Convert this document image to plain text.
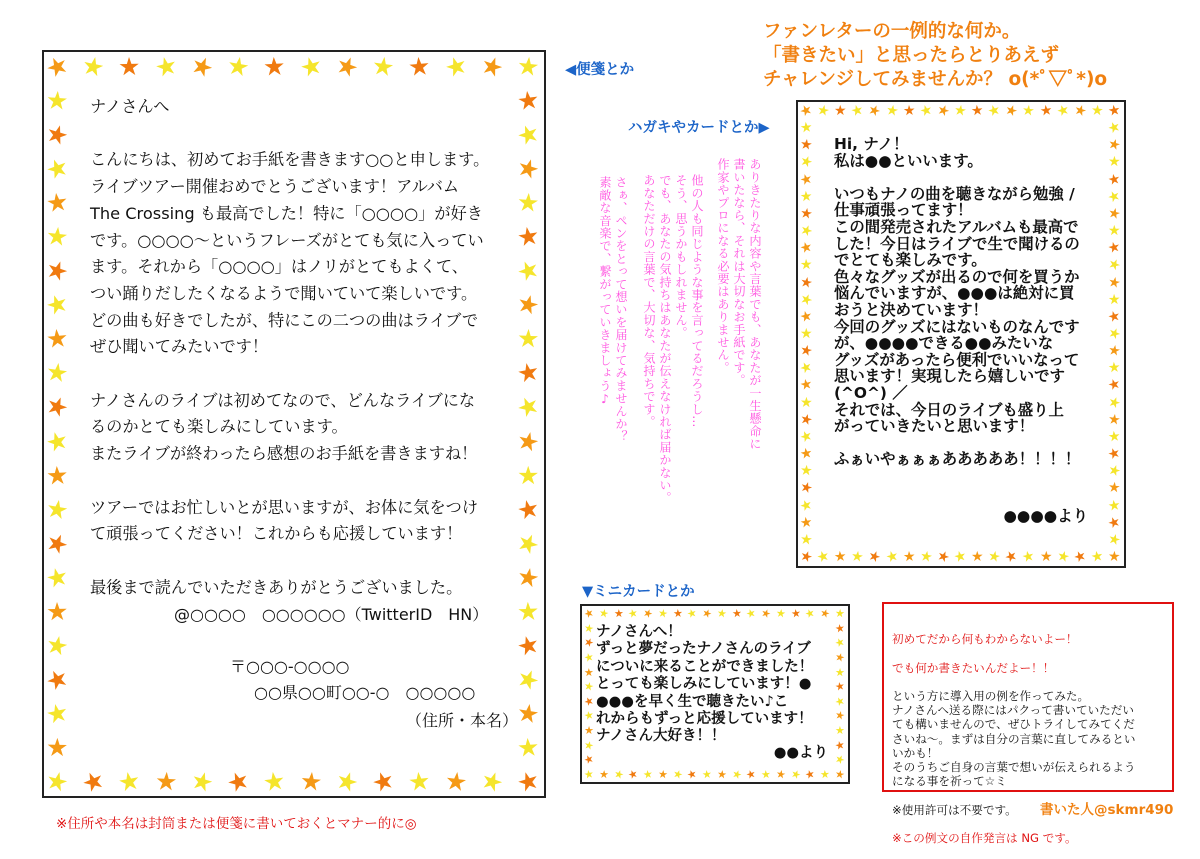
ファンレターの一例的な何か。
「書きたい」と思ったらとりあえず
チャレンジしてみませんか？ o(*ﾟ▽ﾟ*)o
◀便箋とか
ハガキやカードとか▶
▼ミニカードとか
★ ★ ★ ★ ★ ★ ★ ★ ★ ★ ★ ★ ★ ★
★
★
★
★
★
★
★
★
★
★
★
★
★
★
★
★
★
★
★
★
★
★
★
★
★
★
★
★
★
★
★
★
★
★
★
★
★
★
★
★
★
★
★
★
★
★
★
★
★
★
★
★
★
★ ナノさんへ

こんにちは、初めてお手紙を書きます○○と申します。
ライブツアー開催おめでとうございます！アルバム
The Crossing も最高でした！特に「○○○○」が好き
です。○○○○〜というフレーズがとても気に入ってい
ます。それから「○○○○」はノリがとてもよくて、
つい踊りだしたくなるようで聞いていて楽しいです。
どの曲も好きでしたが、特にこの二つの曲はライブで
ぜひ聞いてみたいです！

ナノさんのライブは初めてなので、どんなライブにな
るのかとても楽しみにしています。
またライブが終わったら感想のお手紙を書きますね！

ツアーではお忙しいとが思いますが、お体に気をつけ
て頑張ってください！これからも応援しています！

最後まで読んでいただきありがとうございました。
@○○○○　○○○○○○（TwitterID　HN）
〒○○○-○○○○
○○県○○町○○-○　○○○○○
（住所・本名）
ありきたりな内容や言葉でも、あなたが一生懸命に
書いたなら、それは大切なお手紙です。
作家やプロになる必要はありません。
他の人も同じような事を言ってるだろうし…
そう、思うかもしれません。
でも、あなたの気持ちはあなたが伝えなければ届かない。
あなただけの言葉で、大切な、気持ちです。
さぁ、ペンをとって想いを届けてみませんか？
素敵な音楽で、繋がっていきましょう♪
★ ★ ★ ★ ★ ★ ★ ★ ★ ★ ★ ★ ★ ★ ★ ★ ★ ★ ★
★
★
★
★
★
★
★
★
★
★
★
★
★
★
★
★
★
★
★
★
★
★
★
★
★
★
★
★
★
★
★
★
★
★
★
★
★
★
★
★
★
★
★
★
★
★
★
★
★
★
★
★
★
★
★
★
★
★
★
★
★
★
★
★
★
★
★
★
★
Hi, ナノ！
私は●●といいます。

いつもナノの曲を聴きながら勉強 /
仕事頑張ってます！
この間発売されたアルバムも最高で
した！今日はライブで生で聞けるの
でとても楽しみです。
色々なグッズが出るので何を買うか
悩んでいますが、●●●は絶対に買
おうと決めています！
今回のグッズにはないものなんです
が、●●●●できる●●みたいな
グッズがあったら便利でいいなって
思います！実現したら嬉しいです
(^O^) ／
それでは、今日のライブも盛り上
がっていきたいと思います！

ふぁいやぁぁぁあああああ！！！！
●●●●より
★ ★ ★ ★ ★ ★ ★ ★ ★ ★ ★ ★ ★ ★ ★ ★ ★ ★
★
★
★
★
★
★
★
★
★
★
★
★
★
★
★
★
★
★
★
★
★
★
★
★
★
★
★
★
★
★
★
★
★
★
★
★
★
★ ナノさんへ！
ずっと夢だったナノさんのライブ
についに来ることができました！
とっても楽しみにしています！●
●●●を早く生で聴きたい♪こ
れからもずっと応援しています！
ナノさん大好き！！
●●より

初めてだから何もわからないよー！

でも何か書きたいんだよー！！

という方に導入用の例を作ってみた。
ナノさんへ送る際にはパクって書いていただい
ても構いませんので、ぜひトライしてみてくだ
さいね〜。まずは自分の言葉に直してみるとい
いかも！
そのうちご自身の言葉で想いが伝えられるよう
になる事を祈って☆ミ

※使用許可は不要です。

※この例文の自作発言は NG です。

書いた人@skmr490
※住所や本名は封筒または便箋に書いておくとマナー的に◎
